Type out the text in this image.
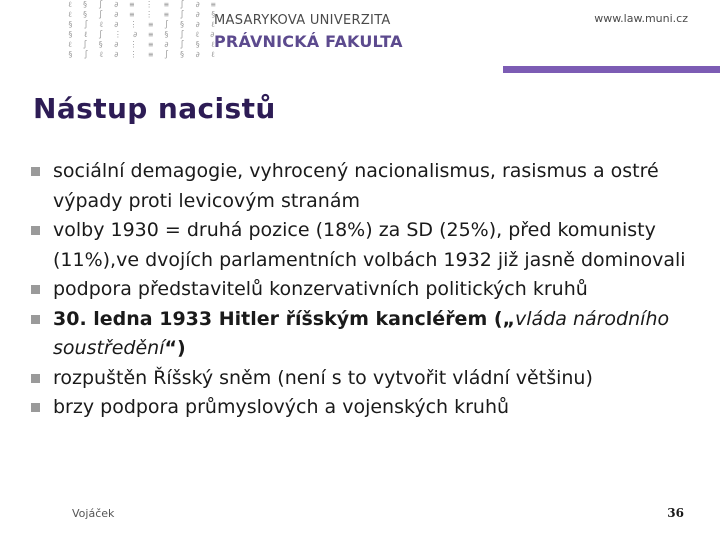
ℓ § ∫ ∂ ≡ ⋮ ≡ ∫ ∂ ≡
ℓ § ∫ ∂ ≡ ⋮ ≡ ∫ ∂ §
§ ∫ ℓ ∂ ⋮ ≡ ∫ § ∂ ℓ
§ ℓ ∫ ⋮ ∂ ≡ § ∫ ℓ ∂
ℓ ∫ § ∂ ⋮ ≡ ∂ ∫ § ℓ
§ ∫ ℓ ∂ ⋮ ≡ ∫ § ∂ ℓ
MASARYKOVA UNIVERZITA
PRÁVNICKÁ FAKULTA
www.law.muni.cz
Nástup nacistů
sociální demagogie, vyhrocený nacionalismus, rasismus a ostré výpady proti levicovým stranám
volby 1930 = druhá pozice (18%) za SD (25%), před komunisty (11%),ve dvojích parlamentních volbách 1932 již jasně dominovali
podpora představitelů konzervativních politických kruhů
30. ledna 1933 Hitler říšským kancléřem („vláda národního soustředění“)
rozpuštěn Říšský sněm (není s to vytvořit vládní většinu)
brzy podpora průmyslových a vojenských kruhů
Vojáček	36
